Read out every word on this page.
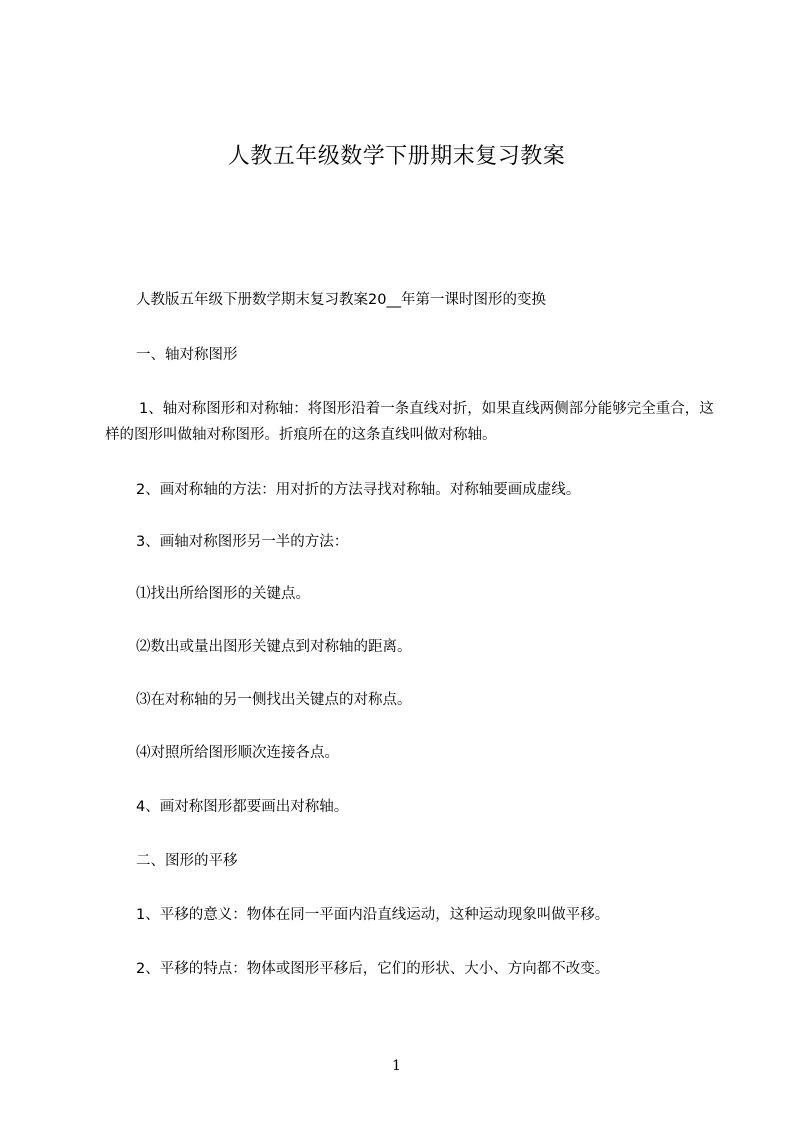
人教五年级数学下册期末复习教案

人教版五年级下册数学期末复习教案20__年第一课时图形的变换

一、轴对称图形

1、轴对称图形和对称轴：将图形沿着一条直线对折，如果直线两侧部分能够完全重合，这样的图形叫做轴对称图形。折痕所在的这条直线叫做对称轴。

2、画对称轴的方法：用对折的方法寻找对称轴。对称轴要画成虚线。

3、画轴对称图形另一半的方法：

⑴找出所给图形的关键点。

⑵数出或量出图形关键点到对称轴的距离。

⑶在对称轴的另一侧找出关键点的对称点。

⑷对照所给图形顺次连接各点。

4、画对称图形都要画出对称轴。

二、图形的平移

1、平移的意义：物体在同一平面内沿直线运动，这种运动现象叫做平移。

2、平移的特点：物体或图形平移后，它们的形状、大小、方向都不改变。

1
